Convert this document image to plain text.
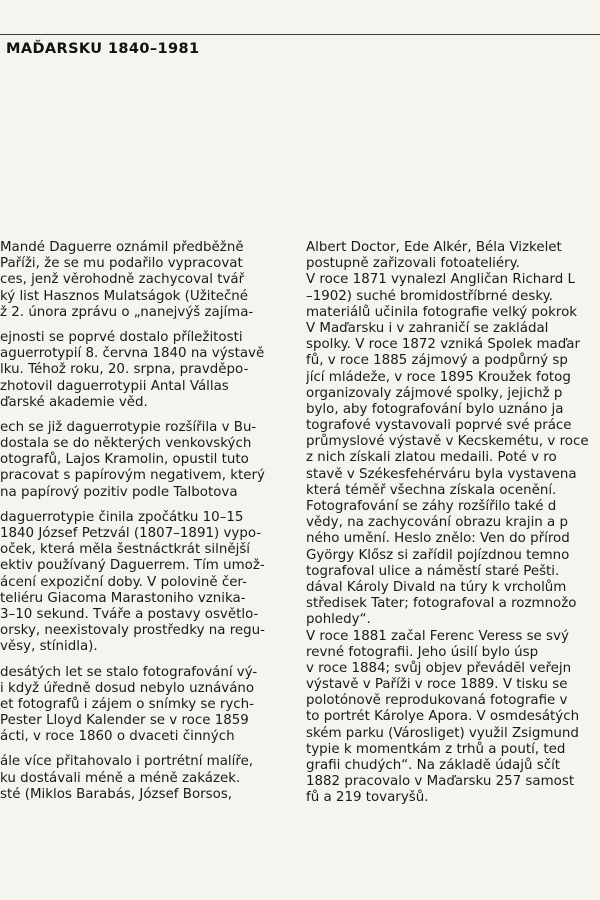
MAĎARSKU 1840–1981
Mandé Daguerre oznámil předběžně
Paříži, že se mu podařilo vypracovat
ces, jenž věrohodně zachycoval tvář
ký list Hasznos Mulatságok (Užitečné
ž 2. února zprávu o „nanejvýš zajíma-
ejnosti se poprvé dostalo příležitosti
aguerrotypií 8. června 1840 na výstavě
lku. Téhož roku, 20. srpna, pravděpo-
zhotovil daguerrotypii Antal Vállas
ďarské akademie věd.
ech se již daguerrotypie rozšířila v Bu-
dostala se do některých venkovských
otografů, Lajos Kramolin, opustil tuto
pracovat s papírovým negativem, který
na papírový pozitiv podle Talbotova
daguerrotypie činila zpočátku 10–15
1840 József Petzvál (1807–1891) vypo-
oček, která měla šestnáctkrát silnější
ektiv používaný Daguerrem. Tím umož-
ácení expoziční doby. V polovině čer-
teliéru Giacoma Marastoniho vznika-
3–10 sekund. Tváře a postavy osvětlo-
orsky, neexistovaly prostředky na regu-
věsy, stínidla).
desátých let se stalo fotografování vý-
i když úředně dosud nebylo uznáváno
et fotografů i zájem o snímky se rych-
Pester Lloyd Kalender se v roce 1859
ácti, v roce 1860 o dvaceti činných
ále více přitahovalo i portrétní malíře,
ku dostávali méně a méně zakázek.
sté (Miklos Barabás, József Borsos,
Albert Doctor, Ede Alkér, Béla Vizkelet
postupně zařizovali fotoateliéry.
V roce 1871 vynalezl Angličan Richard L
–1902) suché bromidostříbrné desky.
materiálů učinila fotografie velký pokrok
V Maďarsku i v zahraničí se zakládal
spolky. V roce 1872 vzniká Spolek maďar
fů, v roce 1885 zájmový a podpůrný sp
jící mládeže, v roce 1895 Kroužek fotog
organizovaly zájmové spolky, jejichž p
bylo, aby fotografování bylo uznáno ja
tografové vystavovali poprvé své práce
průmyslové výstavě v Kecskemétu, v roce
z nich získali zlatou medaili. Poté v ro
stavě v Székesfehérváru byla vystavena
která téměř všechna získala ocenění.
Fotografování se záhy rozšířilo také d
vědy, na zachycování obrazu krajin a p
ného umění. Heslo znělo: Ven do přírod
György Klősz si zařídil pojízdnou temno
tografoval ulice a náměstí staré Pešti.
dával Károly Divald na túry k vrcholům
středisek Tater; fotografoval a rozmnožo
pohledy“.
V roce 1881 začal Ferenc Veress se svý
revné fotografii. Jeho úsilí bylo úsp
v roce 1884; svůj objev převádĕl veřejn
výstavě v Paříži v roce 1889. V tisku se
polotónově reprodukovaná fotografie v
to portrét Károlye Apora. V osmdesátých
ském parku (Városliget) využil Zsigmund
typie k momentkám z trhů a poutí, ted
grafii chudých“. Na základě údajů sčít
1882 pracovalo v Maďarsku 257 samost
fů a 219 tovaryšů.
